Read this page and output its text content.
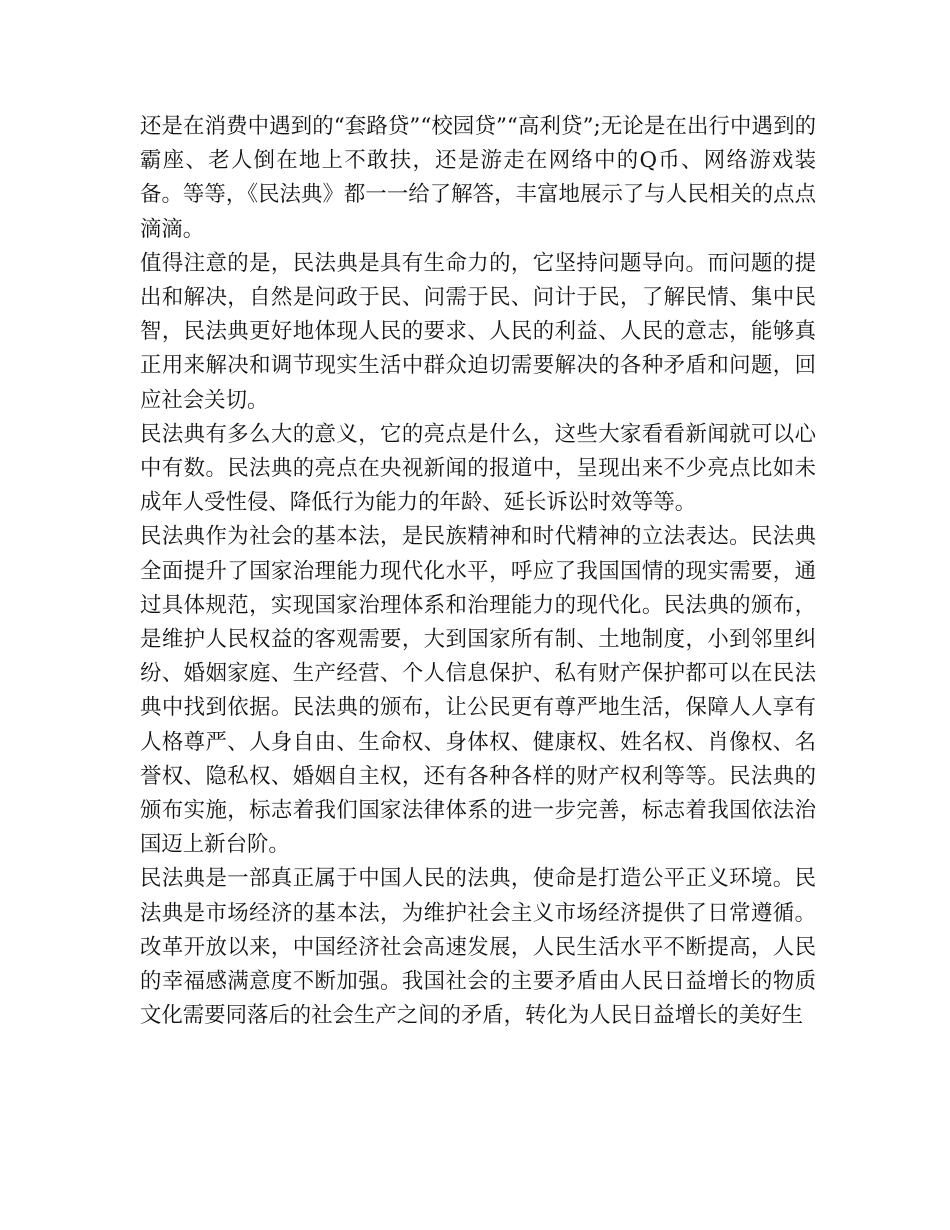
还是在消费中遇到的“套路贷”“校园贷”“高利贷”;无论是在出行中遇到的霸座、老人倒在地上不敢扶，还是游走在网络中的Q币、网络游戏装备。等等，《民法典》都一一给了解答，丰富地展示了与人民相关的点点滴滴。

值得注意的是，民法典是具有生命力的，它坚持问题导向。而问题的提出和解决，自然是问政于民、问需于民、问计于民，了解民情、集中民智，民法典更好地体现人民的要求、人民的利益、人民的意志，能够真正用来解决和调节现实生活中群众迫切需要解决的各种矛盾和问题，回应社会关切。

民法典有多么大的意义，它的亮点是什么，这些大家看看新闻就可以心中有数。民法典的亮点在央视新闻的报道中，呈现出来不少亮点比如未成年人受性侵、降低行为能力的年龄、延长诉讼时效等等。

民法典作为社会的基本法，是民族精神和时代精神的立法表达。民法典全面提升了国家治理能力现代化水平，呼应了我国国情的现实需要，通过具体规范，实现国家治理体系和治理能力的现代化。民法典的颁布，是维护人民权益的客观需要，大到国家所有制、土地制度，小到邻里纠纷、婚姻家庭、生产经营、个人信息保护、私有财产保护都可以在民法典中找到依据。民法典的颁布，让公民更有尊严地生活，保障人人享有人格尊严、人身自由、生命权、身体权、健康权、姓名权、肖像权、名誉权、隐私权、婚姻自主权，还有各种各样的财产权利等等。民法典的颁布实施，标志着我们国家法律体系的进一步完善，标志着我国依法治国迈上新台阶。

民法典是一部真正属于中国人民的法典，使命是打造公平正义环境。民法典是市场经济的基本法，为维护社会主义市场经济提供了日常遵循。改革开放以来，中国经济社会高速发展，人民生活水平不断提高，人民的幸福感满意度不断加强。我国社会的主要矛盾由人民日益增长的物质文化需要同落后的社会生产之间的矛盾，转化为人民日益增长的美好生
